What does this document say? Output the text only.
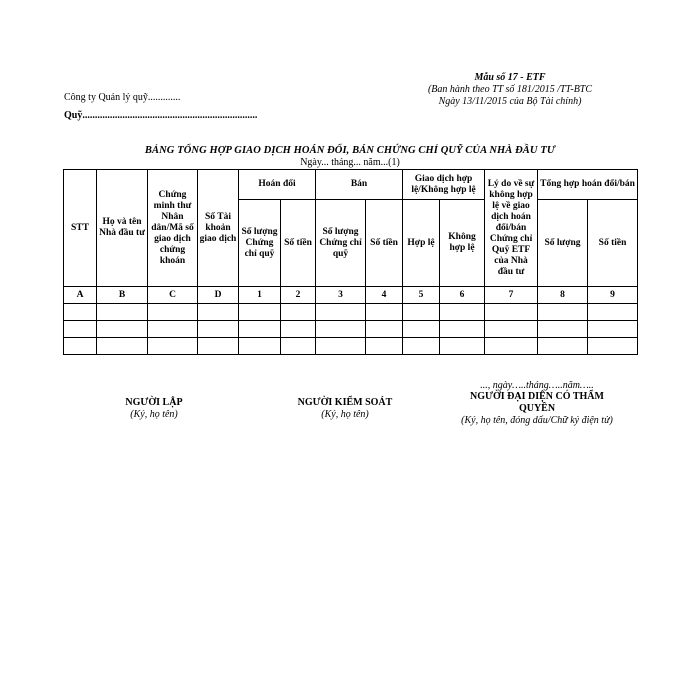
Mẫu số 17 - ETF
(Ban hành theo TT số 181/2015 /TT-BTC
Ngày 13/11/2015 của Bộ Tài chính)
Công ty Quản lý quỹ.............
Quỹ......................................................................
BẢNG TỔNG HỢP GIAO DỊCH HOÁN ĐỔI, BÁN CHỨNG CHỈ QUỸ CỦA NHÀ ĐẦU TƯ
Ngày... tháng... năm...(1)
STT	Họ và tên Nhà đầu tư	Chứng minh thư Nhân dân/Mã số giao dịch chứng khoán	Số Tài khoản giao dịch	Hoán đổi		Bán		Giao dịch hợp lệ/Không hợp lệ		Lý do về sự không hợp lệ về giao dịch hoán đổi/bán Chứng chỉ Quỹ ETF của Nhà đầu tư	Tổng hợp hoán đổi/bán	
				Số lượng Chứng chỉ quỹ	Số tiền	Số lượng Chứng chỉ quỹ	Số tiền	Hợp lệ	Không hợp lệ		Số lượng	Số tiền
A	B	C	D	1	2	3	4	5	6	7	8	9

..., ngày…..tháng…..năm…..
NGƯỜI LẬP
(Ký, họ tên)
NGƯỜI KIỂM SOÁT
(Ký, họ tên)
NGƯỜI ĐẠI DIỆN CÓ THẨM QUYỀN
(Ký, họ tên, đóng dấu/Chữ ký điện tử)
